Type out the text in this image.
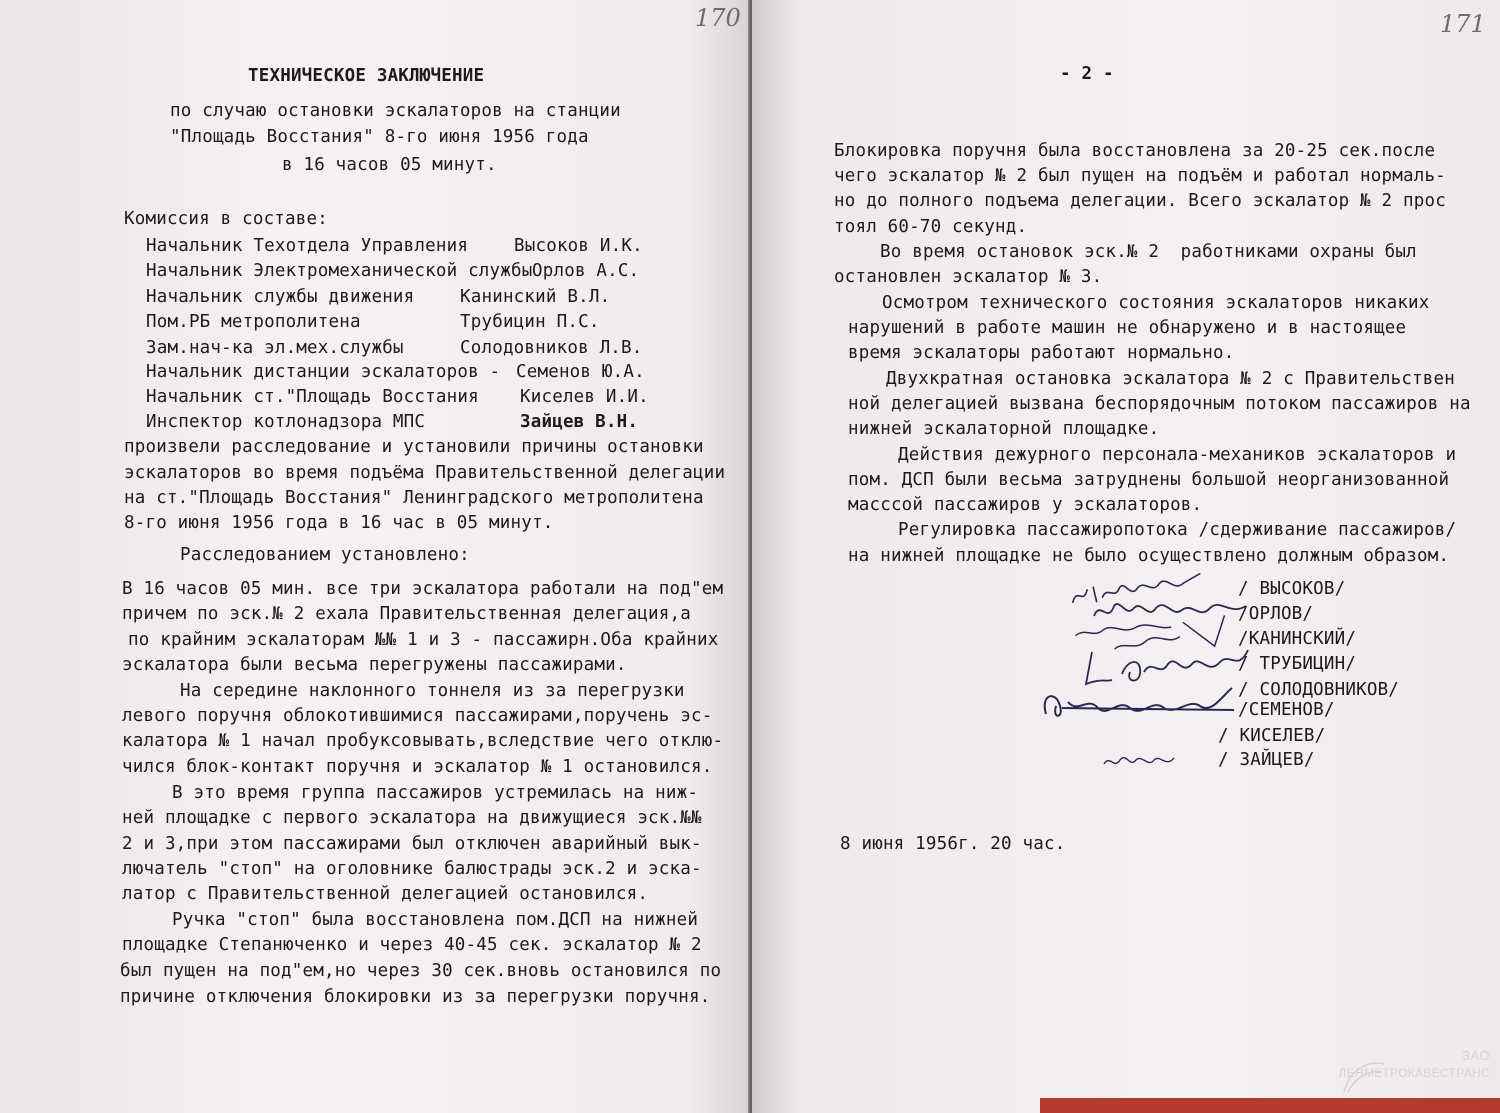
170
ТЕХНИЧЕСКОЕ ЗАКЛЮЧЕНИЕ
по случаю остановки эскалаторов на станции
"Площадь Восстания" 8-го июня 1956 года
в 16 часов 05 минут.
Комиссия в составе:
Начальник Техотдела Управления	Высоков И.К.
Начальник Электромеханической службы Орлов А.С.
Начальник службы движения	Канинский В.Л.
Пом.РБ метрополитена	Трубицин П.С.
Зам.нач-ка эл.мех.службы	Солодовников Л.В.
Начальник дистанции эскалаторов - Семенов Ю.А.
Начальник ст."Площадь Восстания Киселев И.И.
Инспектор котлонадзора МПС	Зайцев В.Н.
произвели расследование и установили причины остановки
эскалаторов во время подъёма Правительственной делегации
на ст."Площадь Восстания" Ленинградского метрополитена
8-го июня 1956 года в 16 час в 05 минут.
Расследованием установлено:
В 16 часов 05 мин. все три эскалатора работали на под"ем
причем по эск.№ 2 ехала Правительственная делегация,а
по крайним эскалаторам №№ 1 и 3 - пассажирн.Оба крайних
эскалатора были весьма перегружены пассажирами.
На середине наклонного тоннеля из за перегрузки
левого поручня облокотившимися пассажирами,поручень эс-
калатора № 1 начал пробуксовывать,вследствие чего отклю-
чился блок-контакт поручня и эскалатор № 1 остановился.
В это время группа пассажиров устремилась на ниж-
ней площадке с первого эскалатора на движущиеся эск.№№
2 и 3,при этом пассажирами был отключен аварийный вык-
лючатель "стоп" на оголовнике балюстрады эск.2 и эска-
латор с Правительственной делегацией остановился.
Ручка "стоп" была восстановлена пом.ДСП на нижней
площадке Степанюченко и через 40-45 сек. эскалатор № 2
был пущен на под"ем,но через 30 сек.вновь остановился по
причине отключения блокировки из за перегрузки поручня.
171
- 2 -
Блокировка поручня была восстановлена за 20-25 сек.после
чего эскалатор № 2 был пущен на подъём и работал нормаль-
но до полного подъема делегации. Всего эскалатор № 2 прос
тоял 60-70 секунд.
Во время остановок эск.№ 2  работниками охраны был
остановлен эскалатор № 3.
Осмотром технического состояния эскалаторов никаких
нарушений в работе машин не обнаружено и в настоящее
время эскалаторы работают нормально.
Двухкратная остановка эскалатора № 2 с Правительствен
ной делегацией вызвана беспорядочным потоком пассажиров на
нижней эскалаторной площадке.
Действия дежурного персонала-механиков эскалаторов и
пом. ДСП были весьма затруднены большой неорганизованной
масссой пассажиров у эскалаторов.
Регулировка пассажиропотока /сдерживание пассажиров/
на нижней площадке не было осуществлено должным образом.
/ ВЫСОКОВ/
/ОРЛОВ/
/КАНИНСКИЙ/
/ ТРУБИЦИН/
/ СОЛОДОВНИКОВ/
/СЕМЕНОВ/
/ КИСЕЛЕВ/
/ ЗАЙЦЕВ/
8 июня 1956г. 20 час.
ЗАО
ЛЕНМЕТРОКАВЕСТРАНС
